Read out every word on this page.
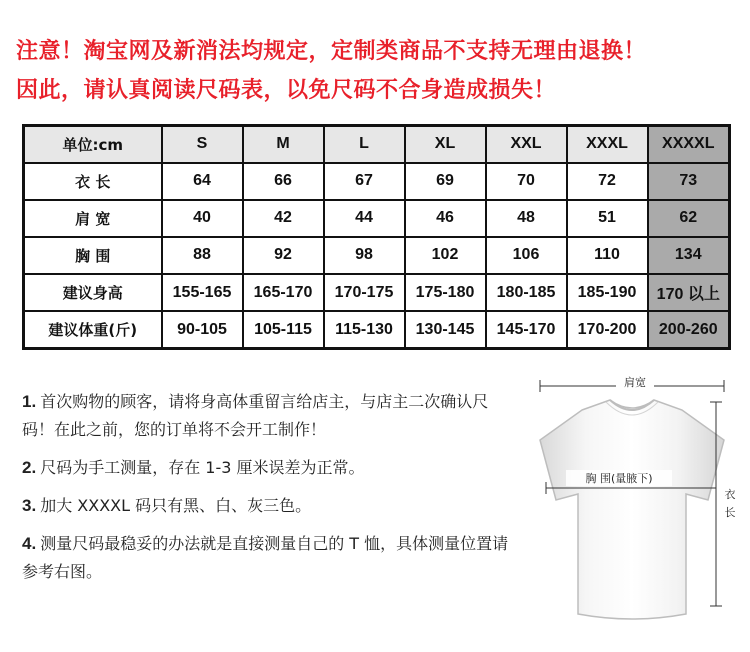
注意！淘宝网及新消法均规定，定制类商品不支持无理由退换！
因此，请认真阅读尺码表，以免尺码不合身造成损失！
单位:cm	S	M	L	XL	XXL	XXXL	XXXXL
衣 长	64	66	67	69	70	72	73
肩 宽	40	42	44	46	48	51	62
胸 围	88	92	98	102	106	110	134
建议身高	155-165	165-170	170-175	175-180	180-185	185-190	170 以上
建议体重(斤)	90-105	105-115	115-130	130-145	145-170	170-200	200-260

1. 首次购物的顾客，请将身高体重留言给店主，与店主二次确认尺码！在此之前，您的订单将不会开工制作！

2. 尺码为手工测量，存在 1-3 厘米误差为正常。

3. 加大 XXXXL 码只有黑、白、灰三色。

4. 测量尺码最稳妥的办法就是直接测量自己的 T 恤，具体测量位置请参考右图。

肩宽
胸 围(量腋下)
衣
长
